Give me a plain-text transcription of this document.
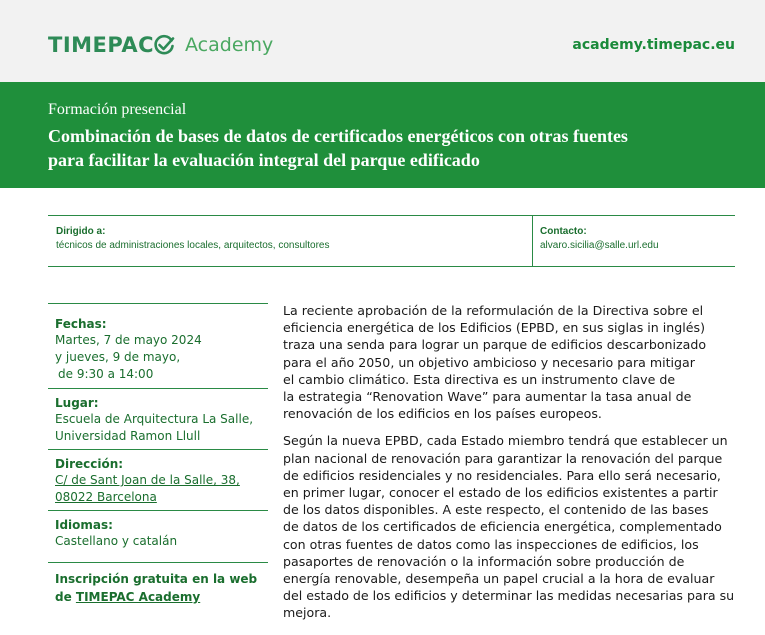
TIMEPAC Academy	academy.timepac.eu
Formación presencial
Combinación de bases de datos de certificados energéticos con otras fuentes
para facilitar la evaluación integral del parque edificado
Dirigido a:
técnicos de administraciones locales, arquitectos, consultores
Contacto:
alvaro.sicilia@salle.url.edu
Fechas:
Martes, 7 de mayo 2024
y jueves, 9 de mayo,
de 9:30 a 14:00
Lugar:
Escuela de Arquitectura La Salle,
Universidad Ramon Llull
Dirección:
C/ de Sant Joan de la Salle, 38,
08022 Barcelona
Idiomas:
Castellano y catalán
Inscripción gratuita en la web
de TIMEPAC Academy

La reciente aprobación de la reformulación de la Directiva sobre el
eficiencia energética de los Edificios (EPBD, en sus siglas in inglés)
traza una senda para lograr un parque de edificios descarbonizado
para el año 2050, un objetivo ambicioso y necesario para mitigar
el cambio climático. Esta directiva es un instrumento clave de
la estrategia “Renovation Wave” para aumentar la tasa anual de
renovación de los edificios en los países europeos.

Según la nueva EPBD, cada Estado miembro tendrá que establecer un
plan nacional de renovación para garantizar la renovación del parque
de edificios residenciales y no residenciales. Para ello será necesario,
en primer lugar, conocer el estado de los edificios existentes a partir
de los datos disponibles. A este respecto, el contenido de las bases
de datos de los certificados de eficiencia energética, complementado
con otras fuentes de datos como las inspecciones de edificios, los
pasaportes de renovación o la información sobre producción de
energía renovable, desempeña un papel crucial a la hora de evaluar
del estado de los edificios y determinar las medidas necesarias para su
mejora.
